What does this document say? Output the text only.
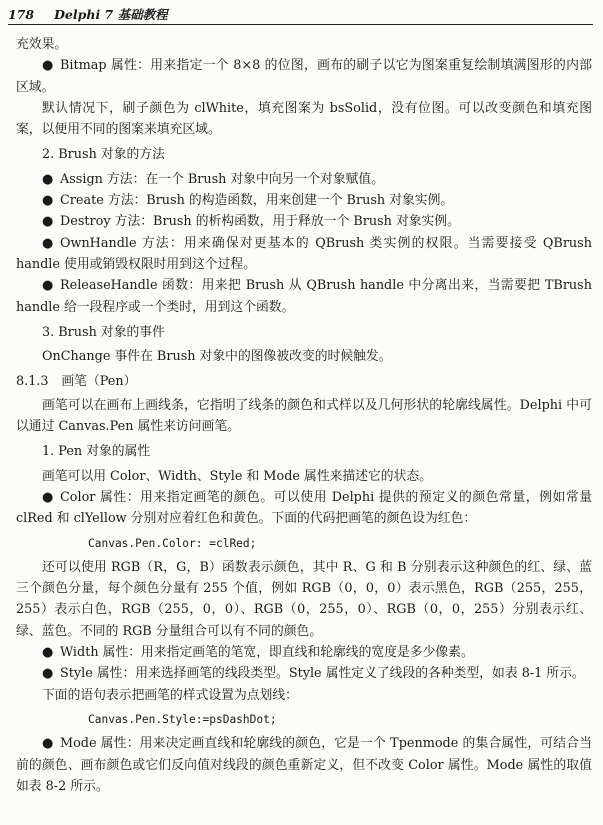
178 Delphi 7 基础教程

充效果。

● Bitmap 属性：用来指定一个 8×8 的位图，画布的刷子以它为图案重复绘制填满图形的内部区域。

默认情况下，刷子颜色为 clWhite，填充图案为 bsSolid，没有位图。可以改变颜色和填充图案，以便用不同的图案来填充区域。

2. Brush 对象的方法

● Assign 方法：在一个 Brush 对象中向另一个对象赋值。

● Create 方法：Brush 的构造函数，用来创建一个 Brush 对象实例。

● Destroy 方法：Brush 的析构函数，用于释放一个 Brush 对象实例。

● OwnHandle 方法：用来确保对更基本的 QBrush 类实例的权限。当需要接受 QBrush handle 使用或销毁权限时用到这个过程。

● ReleaseHandle 函数：用来把 Brush 从 QBrush handle 中分离出来，当需要把 TBrush handle 给一段程序或一个类时，用到这个函数。

3. Brush 对象的事件

OnChange 事件在 Brush 对象中的图像被改变的时候触发。

8.1.3　画笔（Pen）

画笔可以在画布上画线条，它指明了线条的颜色和式样以及几何形状的轮廓线属性。Delphi 中可以通过 Canvas.Pen 属性来访问画笔。

1. Pen 对象的属性

画笔可以用 Color、Width、Style 和 Mode 属性来描述它的状态。

● Color 属性：用来指定画笔的颜色。可以使用 Delphi 提供的预定义的颜色常量，例如常量 clRed 和 clYellow 分别对应着红色和黄色。下面的代码把画笔的颜色设为红色：

Canvas.Pen.Color: =clRed;

还可以使用 RGB（R，G，B）函数表示颜色，其中 R、G 和 B 分别表示这种颜色的红、绿、蓝三个颜色分量，每个颜色分量有 255 个值，例如 RGB（0，0，0）表示黑色，RGB（255，255，255）表示白色，RGB（255，0，0）、RGB（0，255，0）、RGB（0，0，255）分别表示红、绿、蓝色。不同的 RGB 分量组合可以有不同的颜色。

● Width 属性：用来指定画笔的笔宽，即直线和轮廓线的宽度是多少像素。

● Style 属性：用来选择画笔的线段类型。Style 属性定义了线段的各种类型，如表 8-1 所示。

下面的语句表示把画笔的样式设置为点划线：

Canvas.Pen.Style:=psDashDot;

● Mode 属性：用来决定画直线和轮廓线的颜色，它是一个 Tpenmode 的集合属性，可结合当前的颜色、画布颜色或它们反向值对线段的颜色重新定义，但不改变 Color 属性。Mode 属性的取值如表 8-2 所示。
